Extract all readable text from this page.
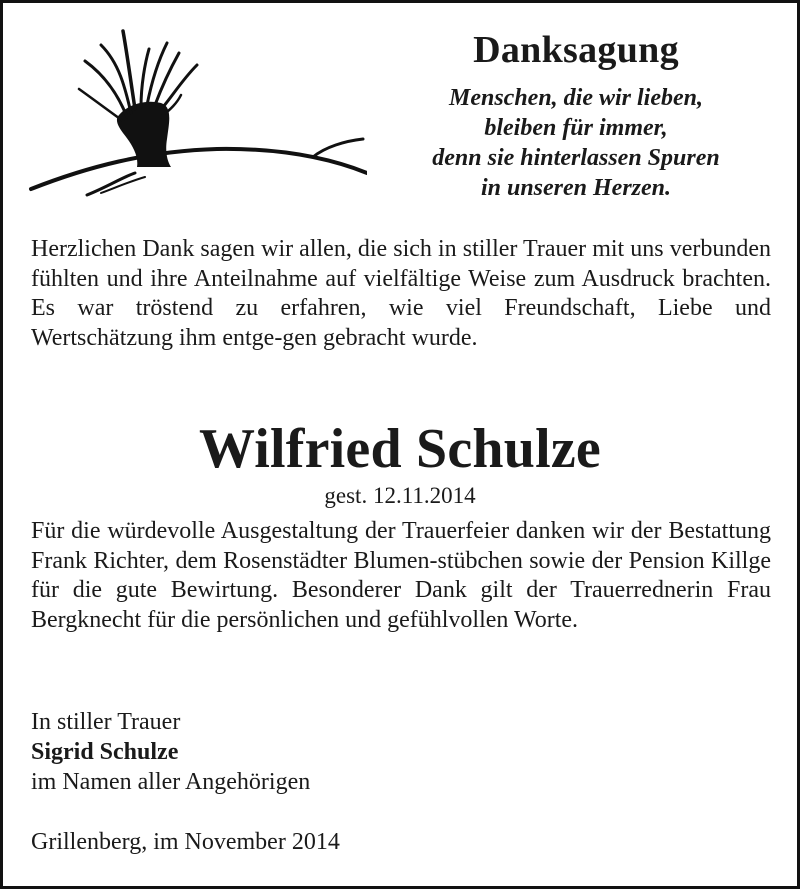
Danksagung
Menschen, die wir lieben,
bleiben für immer,
denn sie hinterlassen Spuren
in unseren Herzen.
Herzlichen Dank sagen wir allen, die sich in stiller Trauer mit uns verbunden fühlten und ihre Anteilnahme auf vielfältige Weise zum Ausdruck brachten. Es war tröstend zu erfahren, wie viel Freundschaft, Liebe und Wertschätzung ihm entge-gen gebracht wurde.
Wilfried Schulze
gest. 12.11.2014
Für die würdevolle Ausgestaltung der Trauerfeier danken wir der Bestattung Frank Richter, dem Rosenstädter Blumen-stübchen sowie der Pension Killge für die gute Bewirtung. Besonderer Dank gilt der Trauerrednerin Frau Bergknecht für die persönlichen und gefühlvollen Worte.
In stiller Trauer
Sigrid Schulze
im Namen aller Angehörigen
Grillenberg, im November 2014
